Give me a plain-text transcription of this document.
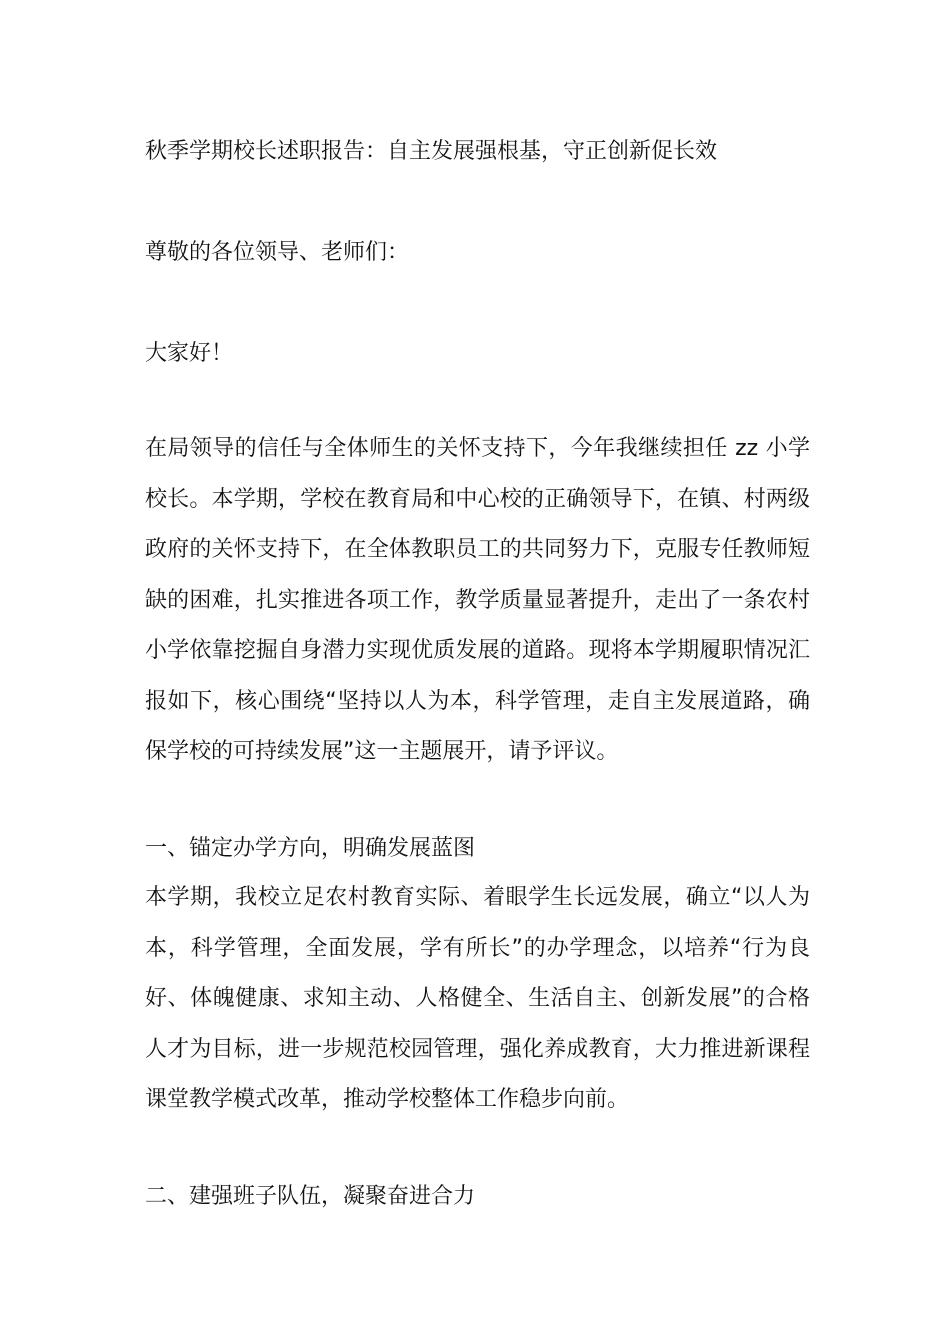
秋季学期校长述职报告：自主发展强根基，守正创新促长效
尊敬的各位领导、老师们：
大家好！
在局领导的信任与全体师生的关怀支持下，今年我继续担任 zz 小学校长。本学期，学校在教育局和中心校的正确领导下，在镇、村两级政府的关怀支持下，在全体教职员工的共同努力下，克服专任教师短缺的困难，扎实推进各项工作，教学质量显著提升，走出了一条农村小学依靠挖掘自身潜力实现优质发展的道路。现将本学期履职情况汇报如下，核心围绕“坚持以人为本，科学管理，走自主发展道路，确保学校的可持续发展”这一主题展开，请予评议。
一、锚定办学方向，明确发展蓝图
本学期，我校立足农村教育实际、着眼学生长远发展，确立“以人为本，科学管理，全面发展，学有所长”的办学理念，以培养“行为良好、体魄健康、求知主动、人格健全、生活自主、创新发展”的合格人才为目标，进一步规范校园管理，强化养成教育，大力推进新课程课堂教学模式改革，推动学校整体工作稳步向前。
二、建强班子队伍，凝聚奋进合力
